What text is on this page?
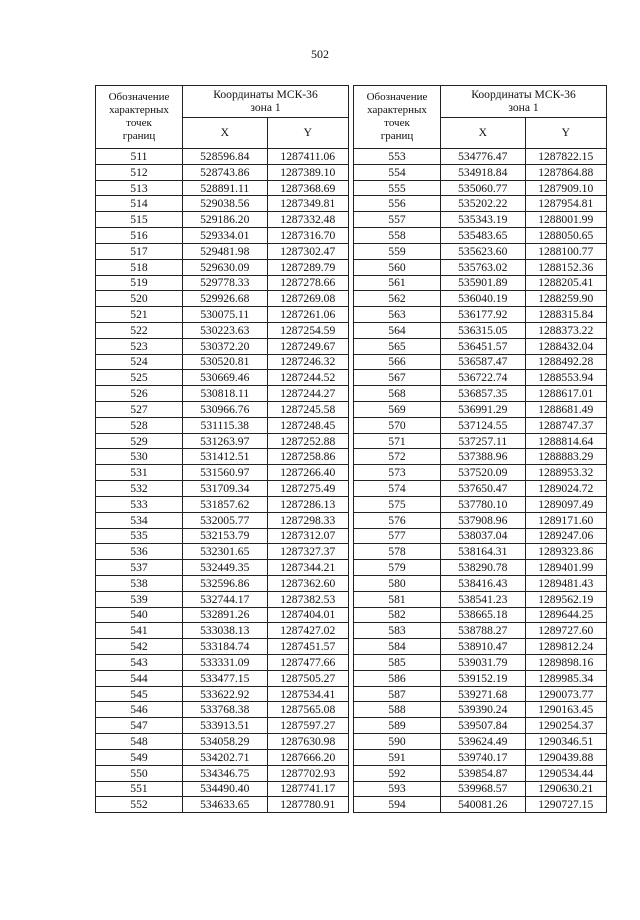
502
Обозначение
характерных
точек
границ	Координаты МСК-36
зона 1	
	X	Y
511	528596.84	1287411.06
512	528743.86	1287389.10
513	528891.11	1287368.69
514	529038.56	1287349.81
515	529186.20	1287332.48
516	529334.01	1287316.70
517	529481.98	1287302.47
518	529630.09	1287289.79
519	529778.33	1287278.66
520	529926.68	1287269.08
521	530075.11	1287261.06
522	530223.63	1287254.59
523	530372.20	1287249.67
524	530520.81	1287246.32
525	530669.46	1287244.52
526	530818.11	1287244.27
527	530966.76	1287245.58
528	531115.38	1287248.45
529	531263.97	1287252.88
530	531412.51	1287258.86
531	531560.97	1287266.40
532	531709.34	1287275.49
533	531857.62	1287286.13
534	532005.77	1287298.33
535	532153.79	1287312.07
536	532301.65	1287327.37
537	532449.35	1287344.21
538	532596.86	1287362.60
539	532744.17	1287382.53
540	532891.26	1287404.01
541	533038.13	1287427.02
542	533184.74	1287451.57
543	533331.09	1287477.66
544	533477.15	1287505.27
545	533622.92	1287534.41
546	533768.38	1287565.08
547	533913.51	1287597.27
548	534058.29	1287630.98
549	534202.71	1287666.20
550	534346.75	1287702.93
551	534490.40	1287741.17
552	534633.65	1287780.91
Обозначение
характерных
точек
границ	Координаты МСК-36
зона 1	
	X	Y
553	534776.47	1287822.15
554	534918.84	1287864.88
555	535060.77	1287909.10
556	535202.22	1287954.81
557	535343.19	1288001.99
558	535483.65	1288050.65
559	535623.60	1288100.77
560	535763.02	1288152.36
561	535901.89	1288205.41
562	536040.19	1288259.90
563	536177.92	1288315.84
564	536315.05	1288373.22
565	536451.57	1288432.04
566	536587.47	1288492.28
567	536722.74	1288553.94
568	536857.35	1288617.01
569	536991.29	1288681.49
570	537124.55	1288747.37
571	537257.11	1288814.64
572	537388.96	1288883.29
573	537520.09	1288953.32
574	537650.47	1289024.72
575	537780.10	1289097.49
576	537908.96	1289171.60
577	538037.04	1289247.06
578	538164.31	1289323.86
579	538290.78	1289401.99
580	538416.43	1289481.43
581	538541.23	1289562.19
582	538665.18	1289644.25
583	538788.27	1289727.60
584	538910.47	1289812.24
585	539031.79	1289898.16
586	539152.19	1289985.34
587	539271.68	1290073.77
588	539390.24	1290163.45
589	539507.84	1290254.37
590	539624.49	1290346.51
591	539740.17	1290439.88
592	539854.87	1290534.44
593	539968.57	1290630.21
594	540081.26	1290727.15
